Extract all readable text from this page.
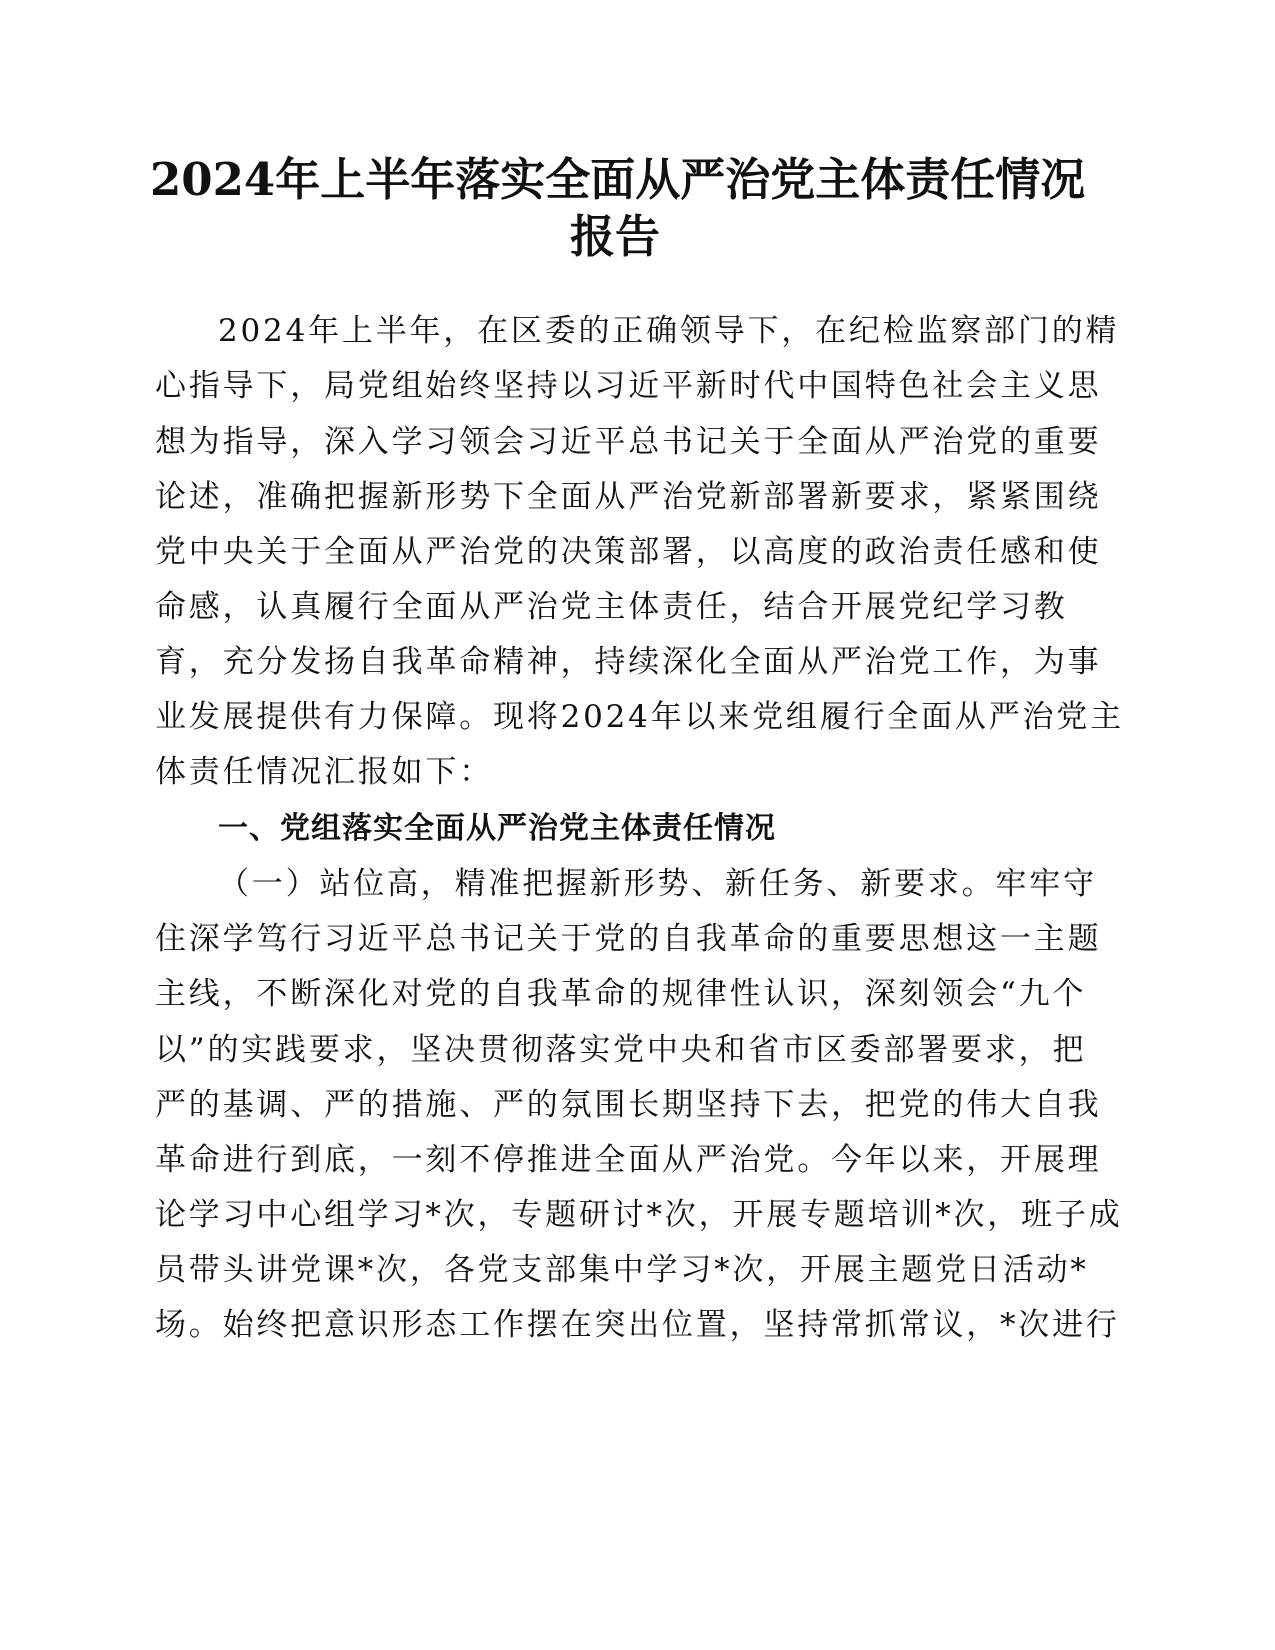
2024年上半年落实全面从严治党主体责任情况
报告

2024年上半年，在区委的正确领导下，在纪检监察部门的精

心指导下，局党组始终坚持以习近平新时代中国特色社会主义思

想为指导，深入学习领会习近平总书记关于全面从严治党的重要

论述，准确把握新形势下全面从严治党新部署新要求，紧紧围绕

党中央关于全面从严治党的决策部署，以高度的政治责任感和使

命感，认真履行全面从严治党主体责任，结合开展党纪学习教

育，充分发扬自我革命精神，持续深化全面从严治党工作，为事

业发展提供有力保障。现将2024年以来党组履行全面从严治党主

体责任情况汇报如下：

一、党组落实全面从严治党主体责任情况

（一）站位高，精准把握新形势、新任务、新要求。牢牢守

住深学笃行习近平总书记关于党的自我革命的重要思想这一主题

主线，不断深化对党的自我革命的规律性认识，深刻领会“九个

以”的实践要求，坚决贯彻落实党中央和省市区委部署要求，把

严的基调、严的措施、严的氛围长期坚持下去，把党的伟大自我

革命进行到底，一刻不停推进全面从严治党。今年以来，开展理

论学习中心组学习*次，专题研讨*次，开展专题培训*次，班子成

员带头讲党课*次，各党支部集中学习*次，开展主题党日活动*

场。始终把意识形态工作摆在突出位置，坚持常抓常议，*次进行
